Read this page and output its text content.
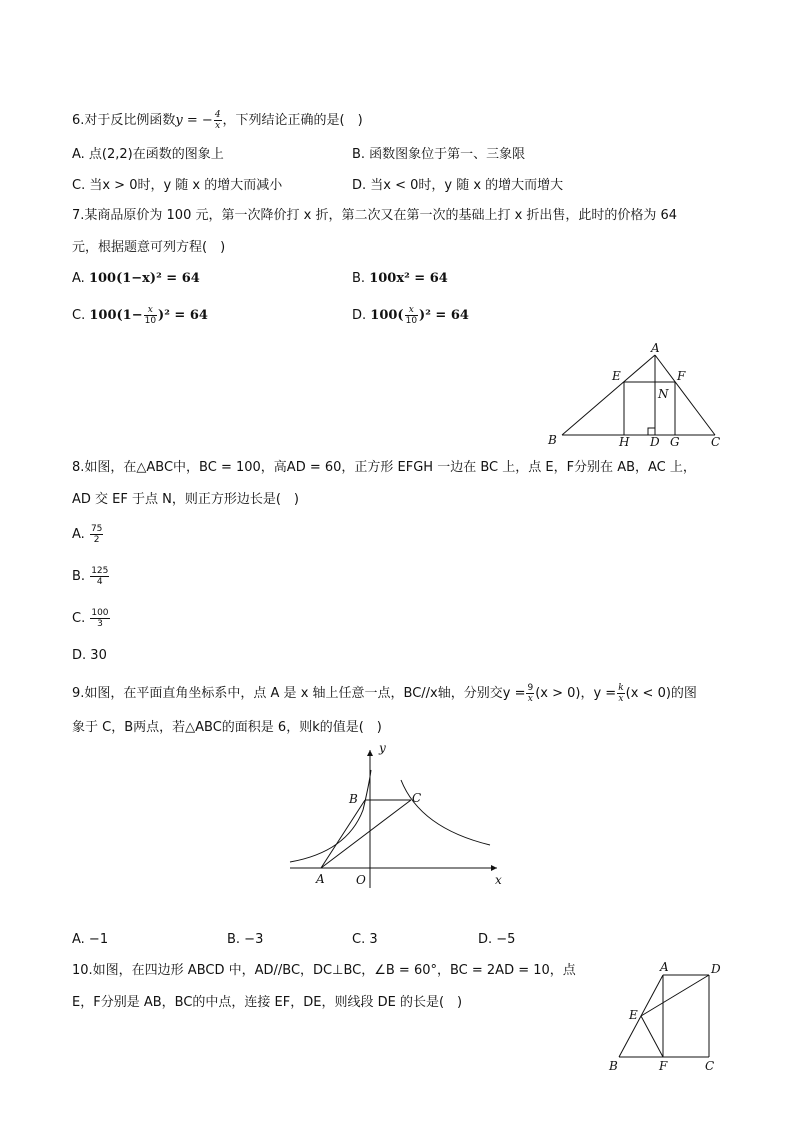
6.对于反比例函数y = − $\frac{4}{x}$ ，下列结论正确的是(　)
A. 点(2,2)在函数的图象上	B. 函数图象位于第一、三象限
C. 当x > 0时，y 随 x 的增大而减小	D. 当x < 0时，y 随 x 的增大而增大
7.某商品原价为 100 元，第一次降价打 x 折，第二次又在第一次的基础上打 x 折出售，此时的价格为 64
元，根据题意可列方程(　)
A. 100(1−x)² = 64	B. 100x² = 64
C. $100(1- \frac{x}{10} )^2 = 64$	D. $100( \frac{x}{10} )^2 = 64$
A
E	F
N
B	H D G	C
8.如图，在△ABC中，BC = 100，高AD = 60，正方形 EFGH 一边在 BC 上，点 E，F分别在 AB，AC 上，
AD 交 EF 于点 N，则正方形边长是(　)
A. $\frac{75}{2}$
B. $\frac{125}{4}$
C. $\frac{100}{3}$
D. 30
9.如图，在平面直角坐标系中，点 A 是 x 轴上任意一点，BC//x轴，分别交$y = \frac{9}{x} (x > 0)$，$y = \frac{k}{x} (x < 0)$的图
象于 C，B两点，若△ABC的面积是 6，则k的值是(　)
y
x
O
A
B	C
A. −1	B. −3	C. 3	D. −5
10.如图，在四边形 ABCD 中，AD//BC，DC⊥BC，∠B = 60°，BC = 2AD = 10，点
E，F分别是 AB，BC的中点，连接 EF，DE，则线段 DE 的长是(　)
A	D
E
B	F	C
